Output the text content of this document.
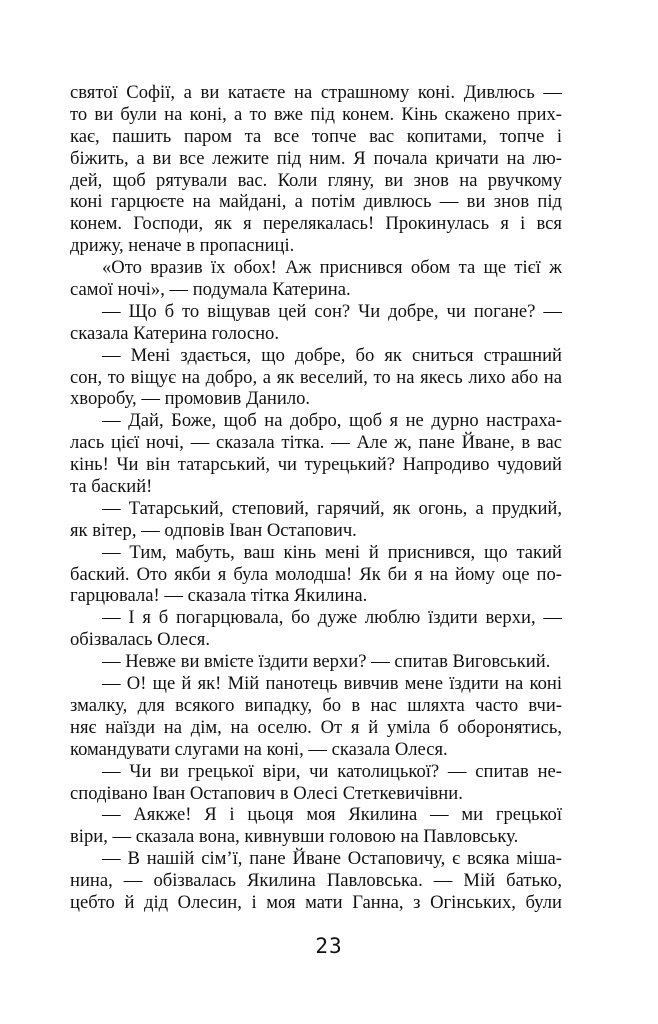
святої Софії, а ви катаєте на страшному коні. Дивлюсь —
то ви були на коні, а то вже під конем. Кінь скажено прих-
кає, пашить паром та все топче вас копитами, топче і
біжить, а ви все лежите під ним. Я почала кричати на лю-
дей, щоб рятували вас. Коли гляну, ви знов на рвучкому
коні гарцюєте на майдані, а потім дивлюсь — ви знов під
конем. Господи, як я перелякалась! Прокинулась я і вся
дрижу, неначе в пропасниці.
«Ото вразив їх обох! Аж приснився обом та ще тієї ж
самої ночі», — подумала Катерина.
— Що б то віщував цей сон? Чи добре, чи погане? —
сказала Катерина голосно.
— Мені здається, що добре, бо як сниться страшний
сон, то віщує на добро, а як веселий, то на якесь лихо або на
хворобу, — промовив Данило.
— Дай, Боже, щоб на добро, щоб я не дурно настраха-
лась цієї ночі, — сказала тітка. — Але ж, пане Йване, в вас
кінь! Чи він татарський, чи турецький? Напродиво чудовий
та баский!
— Татарський, степовий, гарячий, як огонь, а прудкий,
як вітер, — одповів Іван Остапович.
— Тим, мабуть, ваш кінь мені й приснився, що такий
баский. Ото якби я була молодша! Як би я на йому оце по-
гарцювала! — сказала тітка Якилина.
— І я б погарцювала, бо дуже люблю їздити верхи, —
обізвалась Олеся.
— Невже ви вмієте їздити верхи? — спитав Виговський.
— О! ще й як! Мій панотець вивчив мене їздити на коні
змалку, для всякого випадку, бо в нас шляхта часто вчи-
няє наїзди на дім, на оселю. От я й уміла б оборонятись,
командувати слугами на коні, — сказала Олеся.
— Чи ви грецької віри, чи католицької? — спитав не-
сподівано Іван Остапович в Олесі Стеткевичівни.
— Аякже! Я і цьоця моя Якилина — ми грецької
віри, — сказала вона, кивнувши головою на Павловську.
— В нашій сім’ї, пане Йване Остаповичу, є всяка міша-
нина, — обізвалась Якилина Павловська. — Мій батько,
цебто й дід Олесин, і моя мати Ганна, з Огінських, були
23
